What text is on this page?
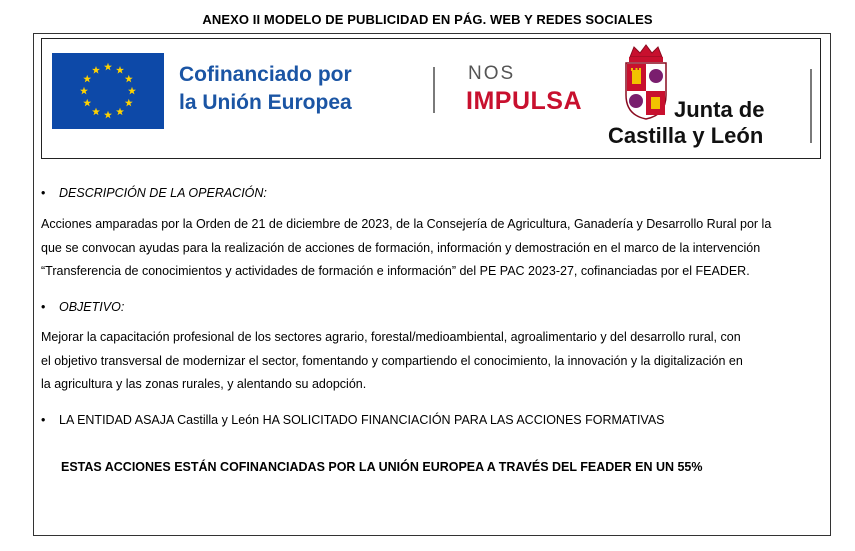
ANEXO II MODELO DE PUBLICIDAD EN PÁG. WEB Y REDES SOCIALES
Cofinanciado por
la Unión Europea
NOS
IMPULSA	Junta de
Castilla y León
• DESCRIPCIÓN DE LA OPERACIÓN:
Acciones amparadas por la Orden de 21 de diciembre de 2023, de la Consejería de Agricultura, Ganadería y Desarrollo Rural por la
que se convocan ayudas para la realización de acciones de formación, información y demostración en el marco de la intervención
“Transferencia de conocimientos y actividades de formación e información” del PE PAC 2023-27, cofinanciadas por el FEADER.
• OBJETIVO:
Mejorar la capacitación profesional de los sectores agrario, forestal/medioambiental, agroalimentario y del desarrollo rural, con
el objetivo transversal de modernizar el sector, fomentando y compartiendo el conocimiento, la innovación y la digitalización en
la agricultura y las zonas rurales, y alentando su adopción.
• LA ENTIDAD ASAJA Castilla y León HA SOLICITADO FINANCIACIÓN PARA LAS ACCIONES FORMATIVAS
ESTAS ACCIONES ESTÁN COFINANCIADAS POR LA UNIÓN EUROPEA A TRAVÉS DEL FEADER EN UN 55%
